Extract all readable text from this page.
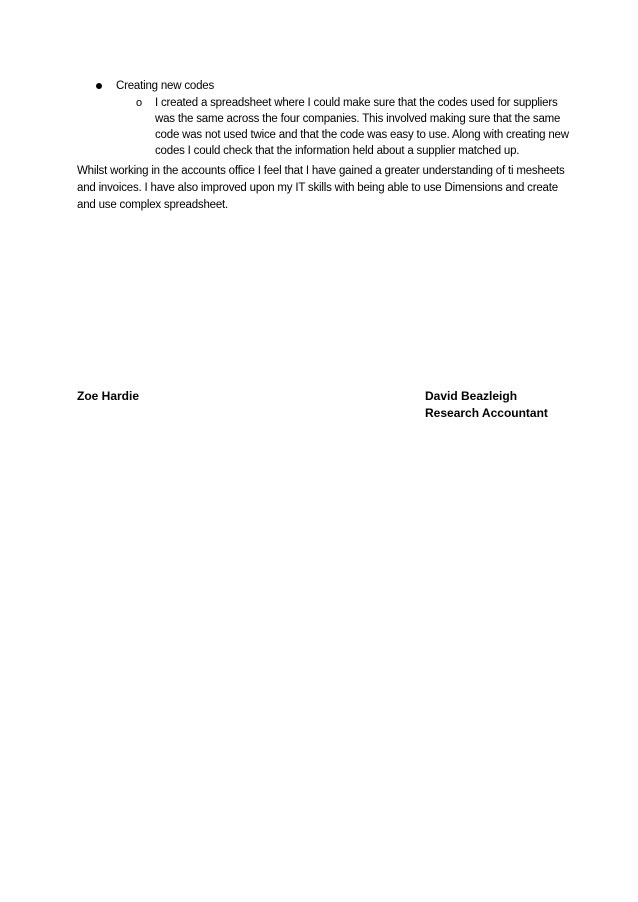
Creating new codes
o I created a spreadsheet where I could make sure that the codes used for suppliers
was the same across the four companies. This involved making sure that the same
code was not used twice and that the code was easy to use. Along with creating new
codes I could check that the information held about a supplier matched up.
Whilst working in the accounts office I feel that I have gained a greater understanding of ti mesheets
and invoices. I have also improved upon my IT skills with being able to use Dimensions and create
and use complex spreadsheet.
Zoe Hardie	David Beazleigh
Research Accountant
